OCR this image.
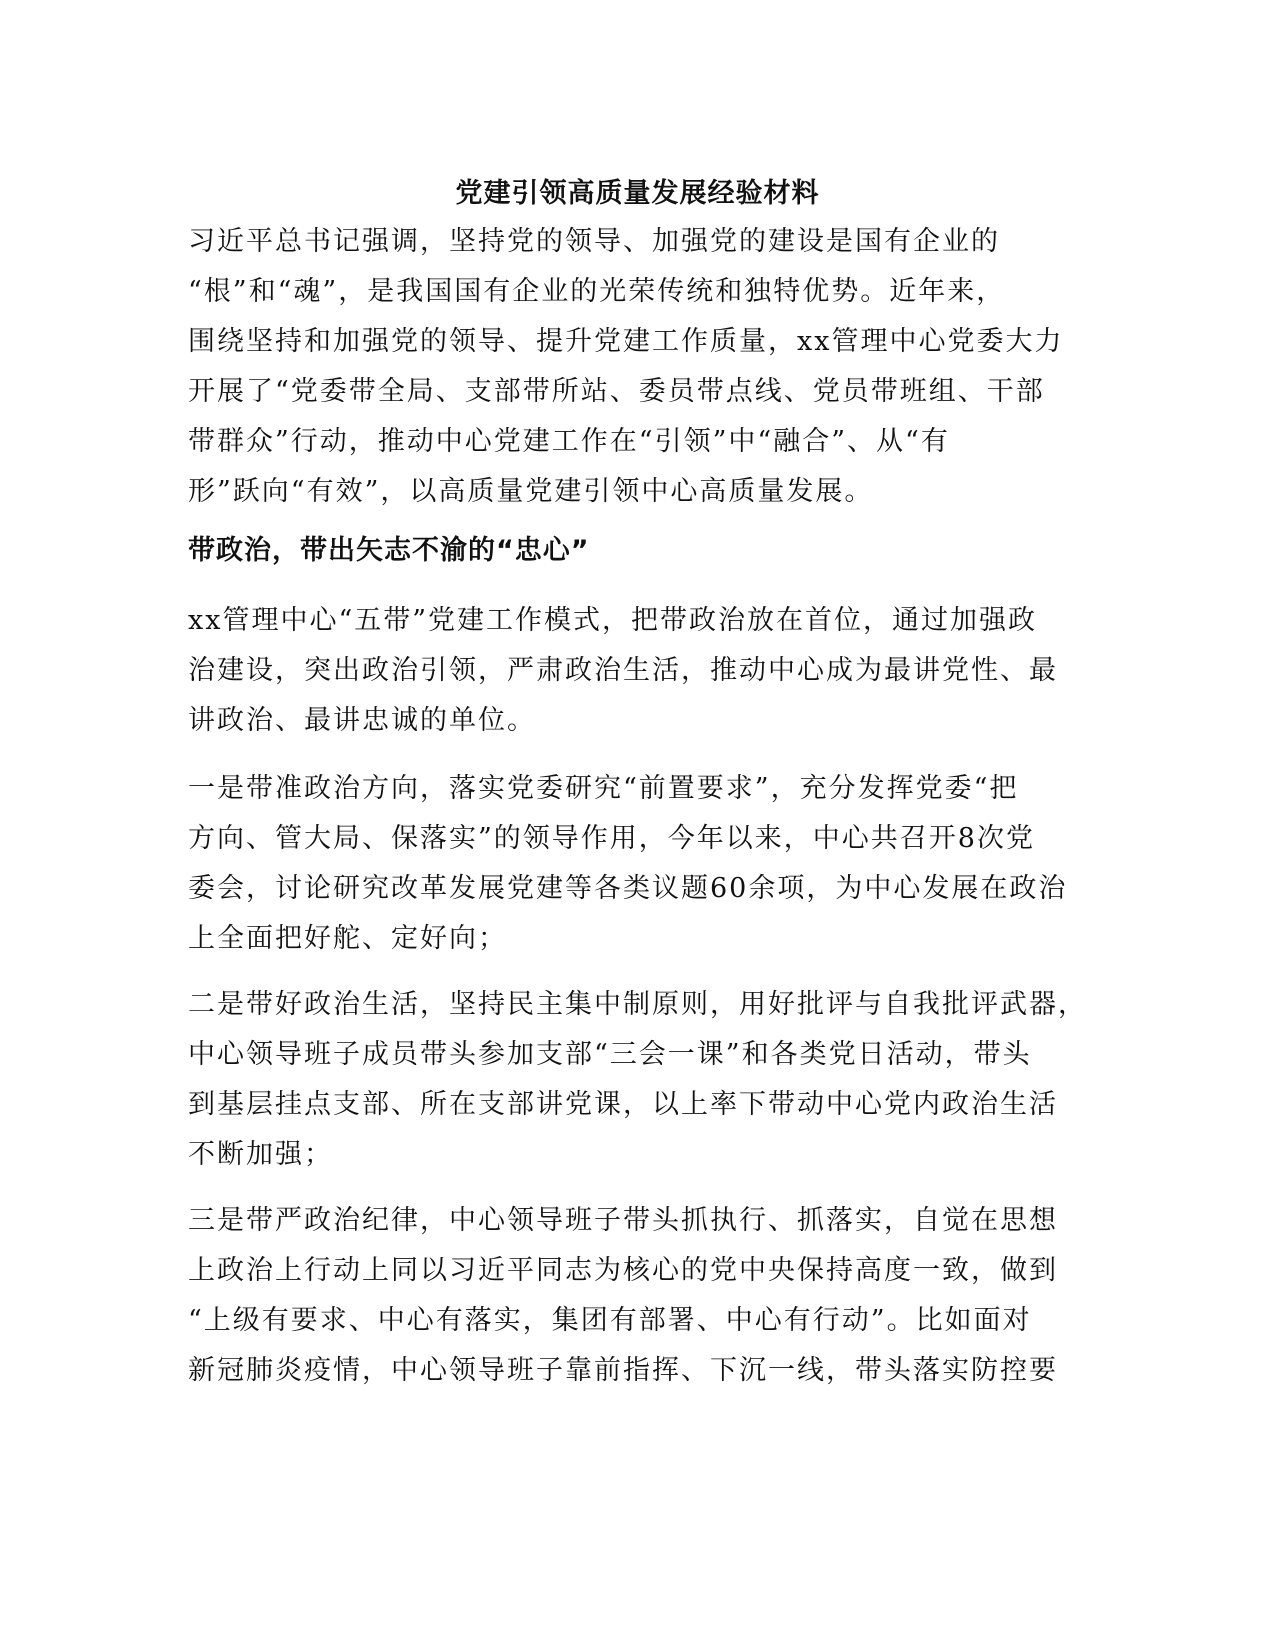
党建引领高质量发展经验材料

习近平总书记强调，坚持党的领导、加强党的建设是国有企业的
“根”和“魂”，是我国国有企业的光荣传统和独特优势。近年来，
围绕坚持和加强党的领导、提升党建工作质量，xx管理中心党委大力
开展了“党委带全局、支部带所站、委员带点线、党员带班组、干部
带群众”行动，推动中心党建工作在“引领”中“融合”、从“有
形”跃向“有效”，以高质量党建引领中心高质量发展。

带政治，带出矢志不渝的“忠心”

xx管理中心“五带”党建工作模式，把带政治放在首位，通过加强政
治建设，突出政治引领，严肃政治生活，推动中心成为最讲党性、最
讲政治、最讲忠诚的单位。

一是带准政治方向，落实党委研究“前置要求”，充分发挥党委“把
方向、管大局、保落实”的领导作用，今年以来，中心共召开8次党
委会，讨论研究改革发展党建等各类议题60余项，为中心发展在政治
上全面把好舵、定好向；

二是带好政治生活，坚持民主集中制原则，用好批评与自我批评武器，
中心领导班子成员带头参加支部“三会一课”和各类党日活动，带头
到基层挂点支部、所在支部讲党课，以上率下带动中心党内政治生活
不断加强；

三是带严政治纪律，中心领导班子带头抓执行、抓落实，自觉在思想
上政治上行动上同以习近平同志为核心的党中央保持高度一致，做到
“上级有要求、中心有落实，集团有部署、中心有行动”。比如面对
新冠肺炎疫情，中心领导班子靠前指挥、下沉一线，带头落实防控要
